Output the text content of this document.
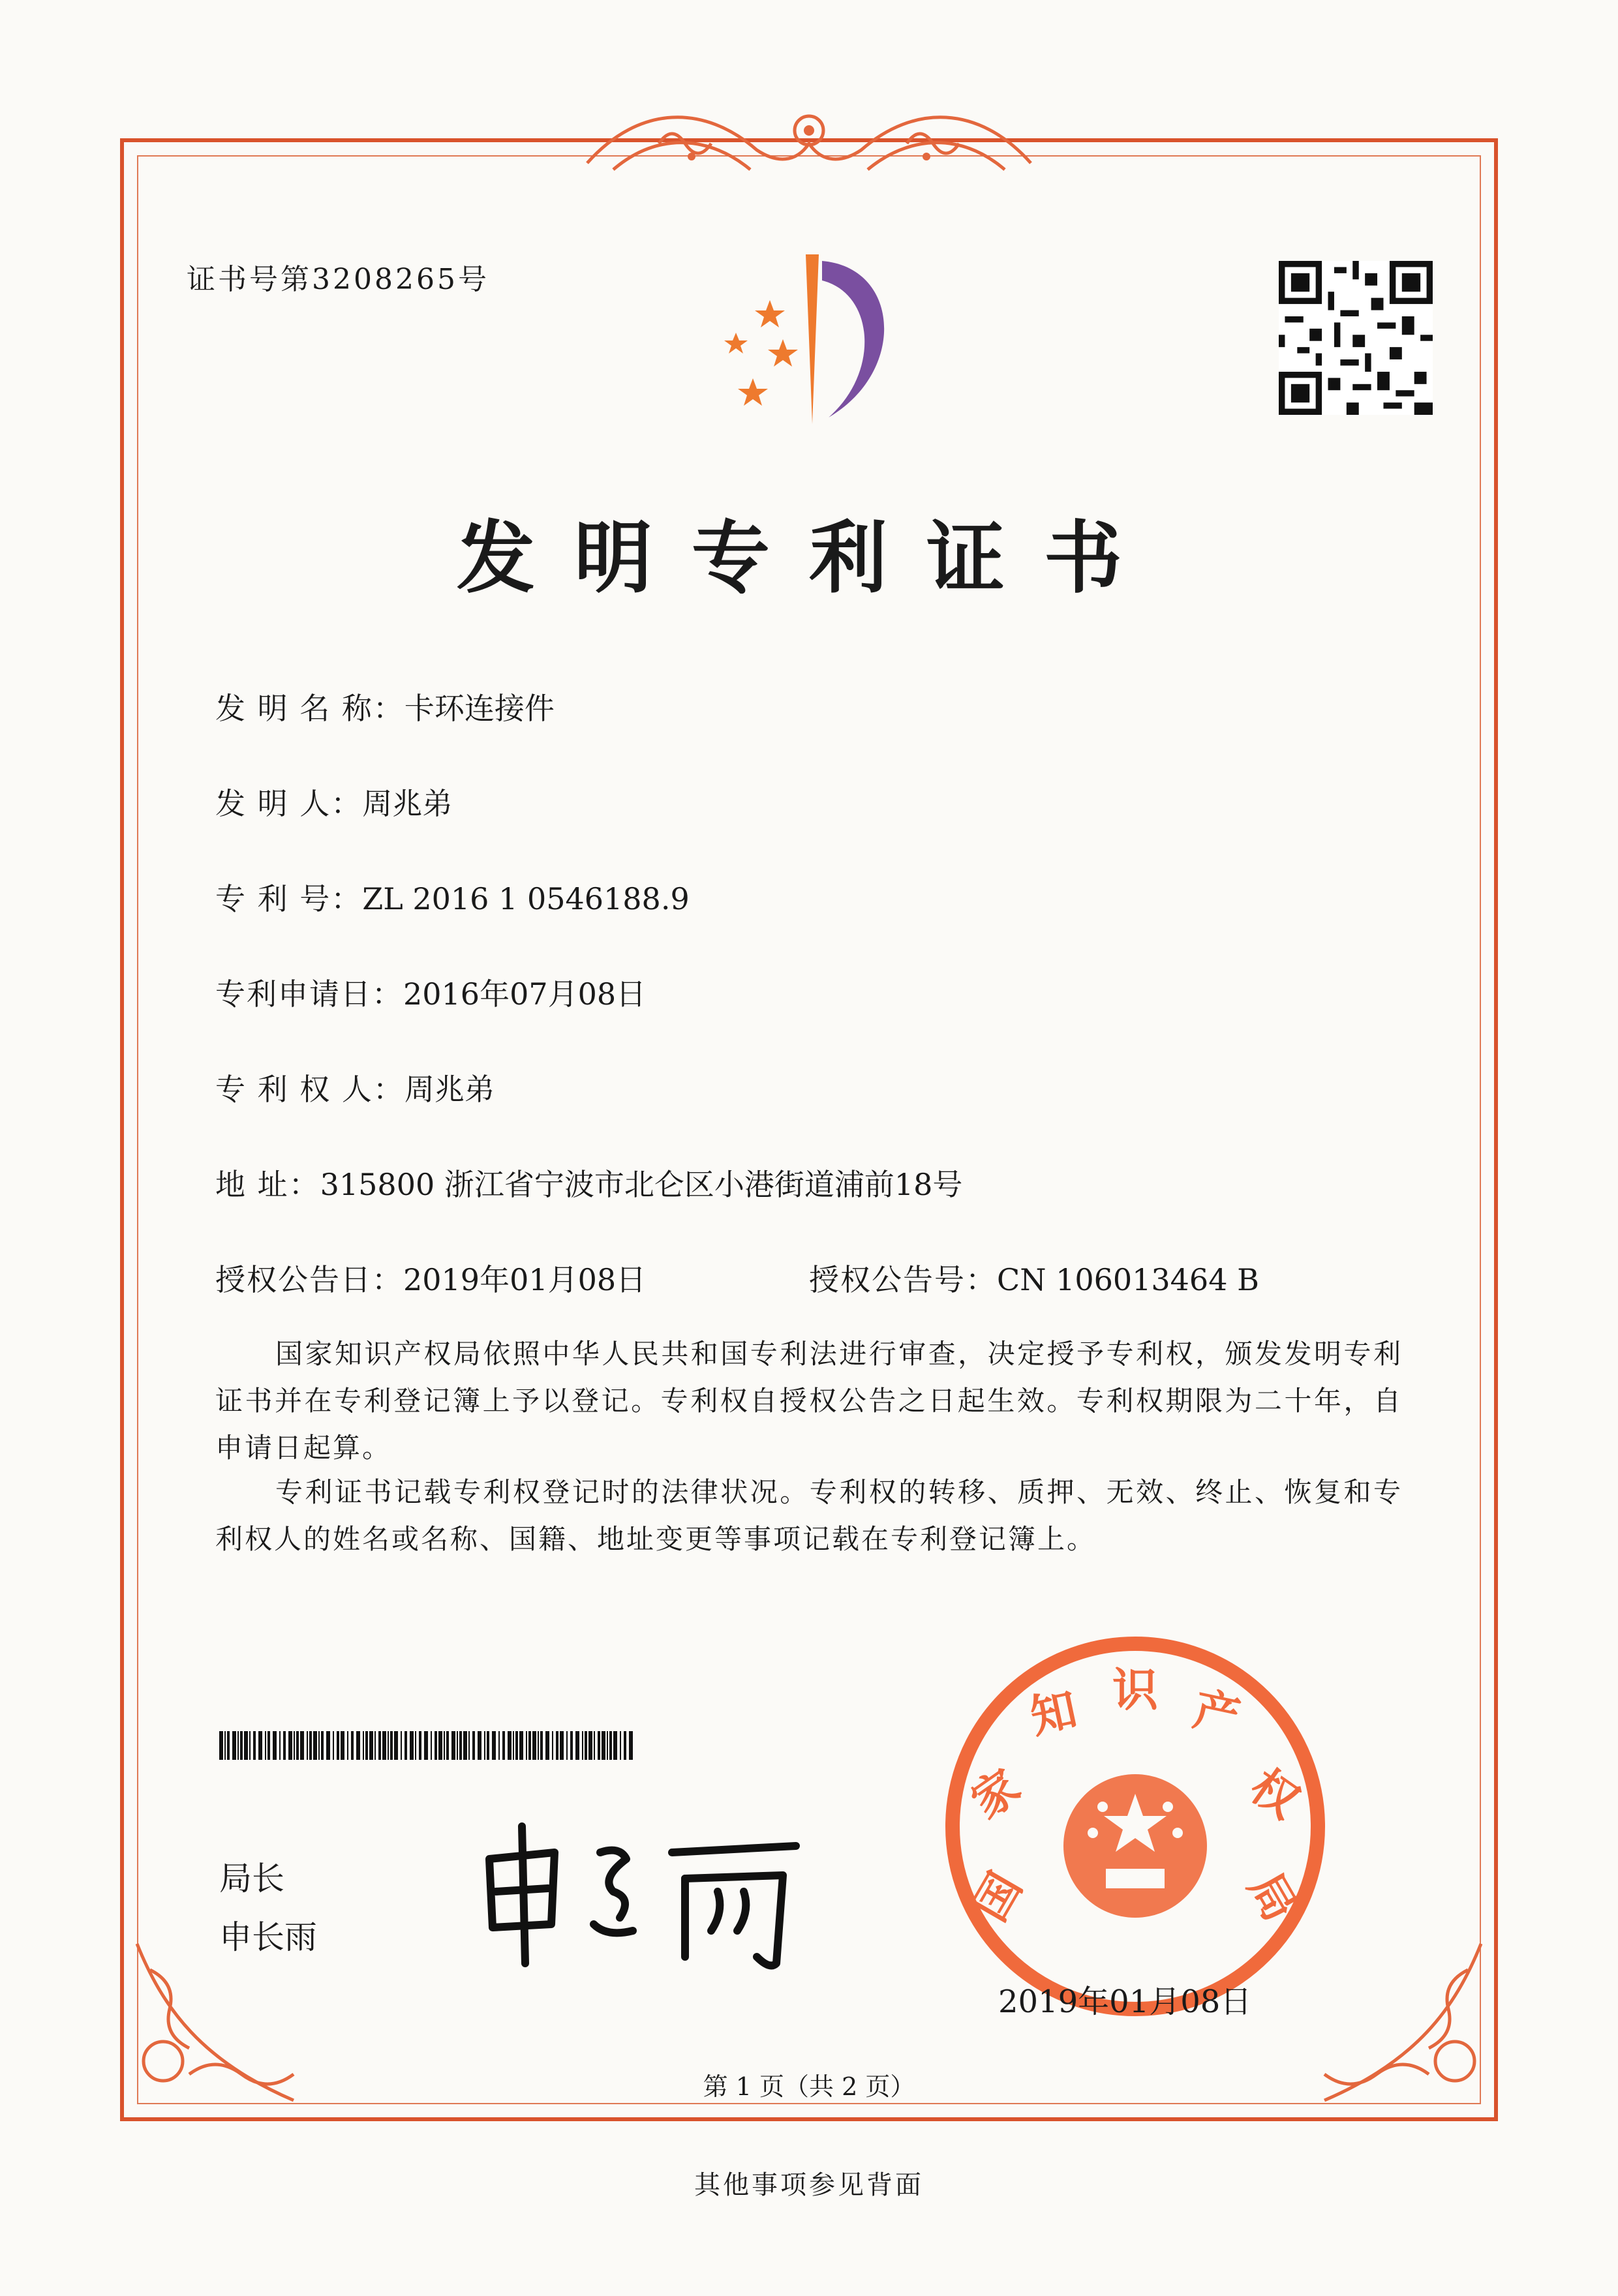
证书号第3208265号
发明专利证书
发 明 名 称：卡环连接件
发 明 人：周兆弟
专 利 号：ZL 2016 1 0546188.9
专利申请日：2016年07月08日
专 利 权 人：周兆弟
地 址：315800 浙江省宁波市北仑区小港街道浦前18号
授权公告日：2019年01月08日	授权公告号：CN 106013464 B
国家知识产权局依照中华人民共和国专利法进行审查，决定授予专利权，颁发发明专利证书并在专利登记簿上予以登记。专利权自授权公告之日起生效。专利权期限为二十年，自申请日起算。
专利证书记载专利权登记时的法律状况。专利权的转移、质押、无效、终止、恢复和专利权人的姓名或名称、国籍、地址变更等事项记载在专利登记簿上。
局长
申长雨
国
家
知 识 产
权
局
2019年01月08日
第 1 页（共 2 页）
其他事项参见背面
